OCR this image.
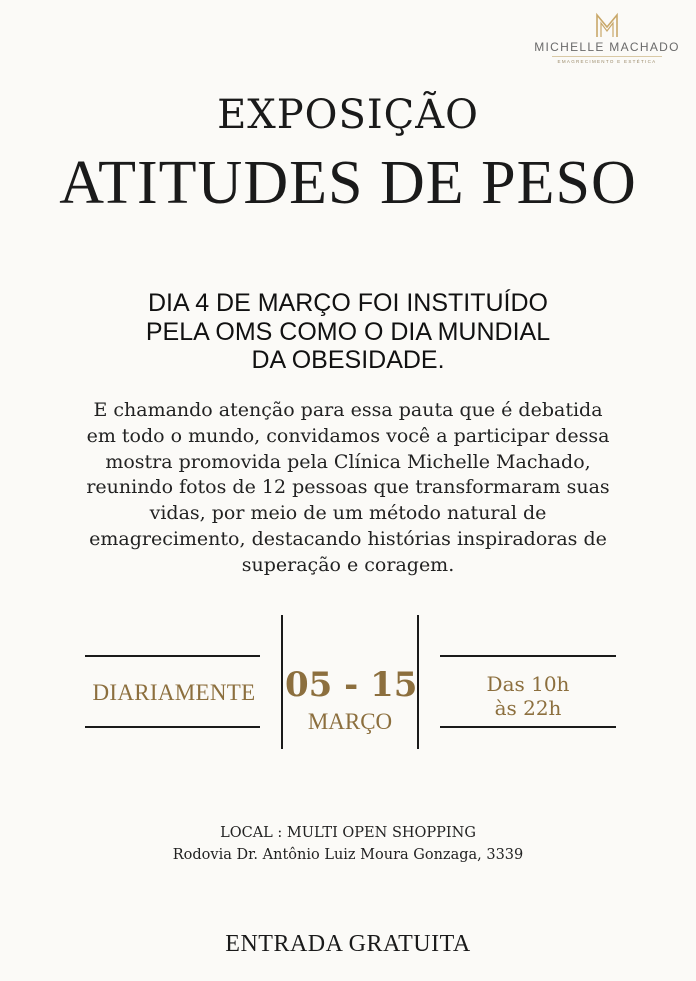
MICHELLE MACHADO
EMAGRECIMENTO E ESTÉTICA
EXPOSIÇÃO
ATITUDES DE PESO
DIA 4 DE MARÇO FOI INSTITUÍDO
PELA OMS COMO O DIA MUNDIAL
DA OBESIDADE.
E chamando atenção para essa pauta que é debatida
em todo o mundo, convidamos você a participar dessa
mostra promovida pela Clínica Michelle Machado,
reunindo fotos de 12 pessoas que transformaram suas
vidas, por meio de um método natural de
emagrecimento, destacando histórias inspiradoras de
superação e coragem.
DIARIAMENTE 05 - 15
MARÇO
Das 10h
às 22h
LOCAL : MULTI OPEN SHOPPING
Rodovia Dr. Antônio Luiz Moura Gonzaga, 3339
ENTRADA GRATUITA
